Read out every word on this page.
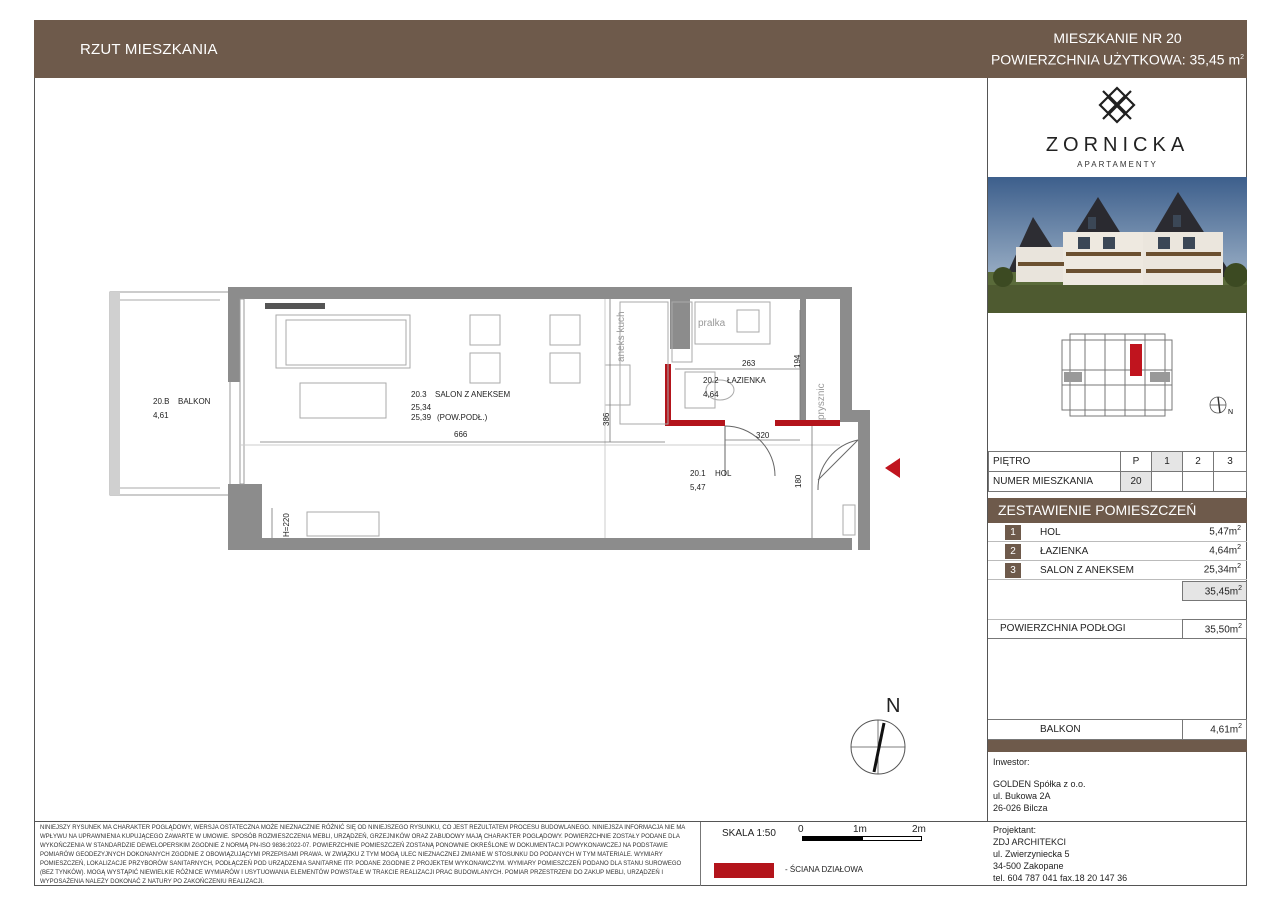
RZUT MIESZKANIA
MIESZKANIE NR 20
POWIERZCHNIA UŻYTKOWA: 35,45 $m^2$
ZORNICKA
APARTAMENTY
N
PIĘTRO	P	1	2	3
NUMER MIESZKANIA	20			
ZESTAWIENIE POMIESZCZEŃ
1	HOL	$5,47m^2$
2	ŁAZIENKA	$4,64m^2$
3	SALON Z ANEKSEM	$25,34m^2$
$35,45m^2$
POWIERZCHNIA PODŁOGI	$35,50m^2$
BALKON	$4,61m^2$
Inwestor:
GOLDEN Spółka z o.o.
ul. Bukowa 2A
26-026 Bilcza
Projektant:
ZDJ ARCHITEKCI
ul. Zwierzyniecka 5
34-500 Zakopane
tel. 604 787 041 fax.18 20 147 36
NINIEJSZY RYSUNEK MA CHARAKTER POGLĄDOWY, WERSJA OSTATECZNA MOŻE NIEZNACZNIE RÓŻNIĆ SIĘ OD NINIEJSZEGO RYSUNKU, CO JEST REZULTATEM PROCESU BUDOWLANEGO. NINIEJSZA INFORMACJA NIE MA WPŁYWU NA UPRAWNIENIA KUPUJĄCEGO ZAWARTE W UMOWIE. SPOSÓB ROZMIESZCZENIA MEBLI, URZĄDZEŃ, GRZEJNIKÓW ORAZ ZABUDOWY MAJĄ CHARAKTER POGLĄDOWY. POWIERZCHNIE ZOSTAŁY PODANE DLA WYKOŃCZENIA W STANDARDZIE DEWELOPERSKIM ZGODNIE Z NORMĄ PN-ISO 9836:2022-07. POWIERZCHNIE POMIESZCZEŃ ZOSTANĄ PONOWNIE OKREŚLONE W DOKUMENTACJI POWYKONAWCZEJ NA PODSTAWIE POMIARÓW GEODEZYJNYCH DOKONANYCH ZGODNIE Z OBOWIĄZUJĄCYMI PRZEPISAMI PRAWA. W ZWIĄZKU Z TYM MOGĄ ULEC NIEZNACZNEJ ZMIANIE W STOSUNKU DO PODANYCH W TYM MATERIALE. WYMIARY POMIESZCZEŃ, LOKALIZACJE PRZYBORÓW SANITARNYCH, PODŁĄCZEŃ POD URZĄDZENIA SANITARNE ITP. PODANE ZGODNIE Z PROJEKTEM WYKONAWCZYM. WYMIARY POMIESZCZEŃ PODANO DLA STANU SUROWEGO (BEZ TYNKÓW). MOGĄ WYSTĄPIĆ NIEWIELKIE RÓŻNICE WYMIARÓW I USYTUOWANIA ELEMENTÓW POWSTAŁE W TRAKCIE REALIZACJI PRAC BUDOWLANYCH. POMIAR PRZESTRZENI DO ZAKUP MEBLI, URZĄDZEŃ I WYPOSAŻENIA NALEŻY DOKONAĆ Z NATURY PO ZAKOŃCZENIU REALIZACJI.
SKALA 1:50 0	1m	2m
- ŚCIANA DZIAŁOWA
20.B BALKON
4,61
20.3 SALON Z ANEKSEM
25,34
25,39 (POW.PODŁ.)
20.2 ŁAZIENKA
4,64
20.1 HOL
5,47
666
386
263	194
320
180
H=220
aneks kuch	pralka
prysznic
N
